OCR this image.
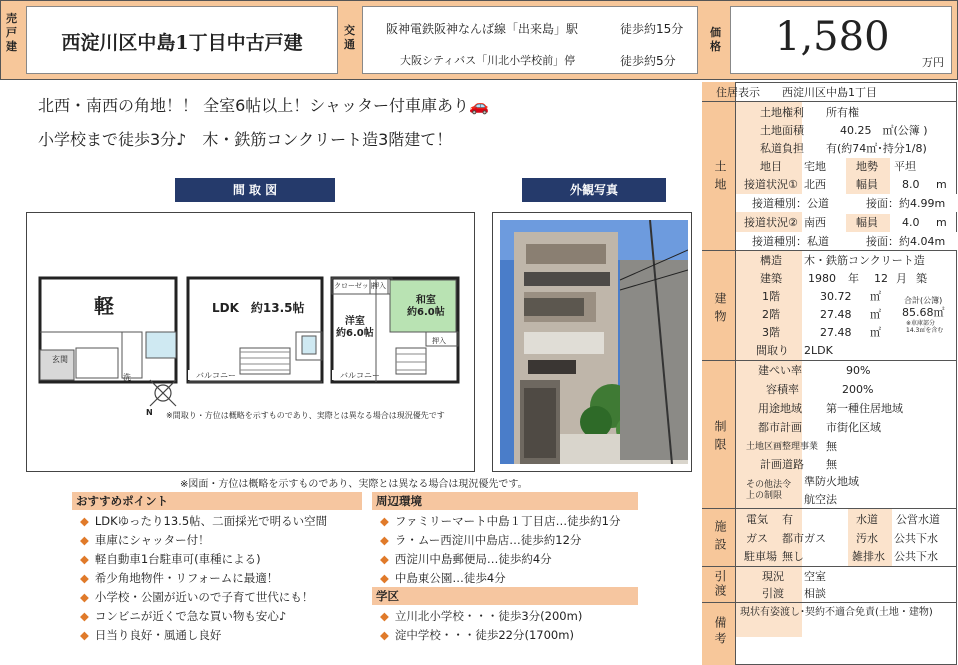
売戸建	西淀川区中島1丁目中古戸建
交通
阪神電鉄阪神なんば線「出来島」駅	徒歩約15分
大阪シティバス「川北小学校前」停	徒歩約5分
価格 1,580
万円
北西・南西の角地！！ 全室6帖以上！シャッター付車庫あり🚗
小学校まで徒歩3分♪　木・鉄筋コンクリート造3階建て！
間 取 図	外観写真
軽
玄関
洗
LDK　約13.5帖
バルコニー
クローゼット
押入
洋室
約6.0帖
和室
約6.0帖
押入
バルコニー
N ※間取り・方位は概略を示すものであり、実際とは異なる場合は現況優先です
※図面・方位は概略を示すものであり、実際とは異なる場合は現況優先です。
おすすめポイント
◆ LDKゆったり13.5帖、二面採光で明るい空間
◆ 車庫にシャッター付！
◆ 軽自動車1台駐車可(車種による)
◆ 希少角地物件・リフォームに最適！
◆ 小学校・公園が近いので子育て世代にも！
◆ コンビニが近くで急な買い物も安心♪
◆ 日当り良好・風通し良好
周辺環境
◆ ファミリーマート中島１丁目店…徒歩約1分
◆ ラ・ムー西淀川中島店…徒歩約12分
◆ 西淀川中島郵便局…徒歩約4分
◆ 中島東公園…徒歩4分
学区
◆ 立川北小学校・・・徒歩3分(200m)
◆ 淀中学校・・・徒歩22分(1700m)
住居表示 西淀川区中島1丁目
土地
土地権利 所有権
土地面積	40.25　㎡(公簿 )
私道負担 有(約74㎡･持分1/8)
地目 宅地	地勢 平坦
接道状況① 北西	幅員 8.0 m
接道種別：公道	接面：約4.99m
接道状況② 南西	幅員 4.0 m
接道種別：私道	接面：約4.04m
建物
構造 木・鉄筋コンクリート造
建築 1980 年 12 月 築
1階	30.72 ㎡
2階	27.48 ㎡
3階	27.48 ㎡
合計(公簿)
85.68㎡
※車庫部分
14.3㎡を含む
間取り 2LDK
制限
建ぺい率	90%
容積率	200%
用途地域 第一種住居地域
都市計画 市街化区域
土地区画整理事業 無
計画道路 無
その他法令
上の制限
準防火地域
航空法
施設
電気 有	水道 公営水道
ガス 都市ガス	汚水 公共下水
駐車場 無し	雑排水 公共下水
引渡	現況 空室
引渡 相談
備考
現状有姿渡し･契約不適合免責(土地・建物)
